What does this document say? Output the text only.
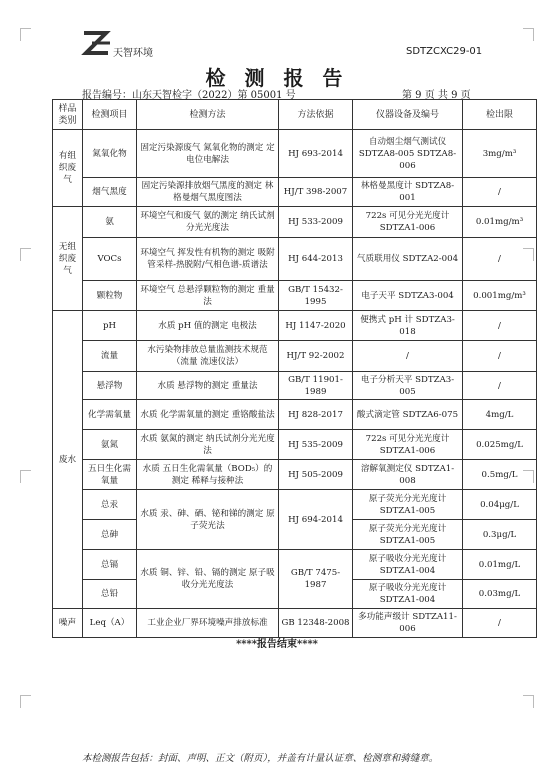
天智环境	SDTZCXC29-01
检 测 报 告
报告编号：山东天智检字（2022）第 05001 号	第 9 页 共 9 页
样品类别	检测项目	检测方法	方法依据	仪器设备及编号	检出限
有组织废气	氮氧化物	固定污染源废气 氮氧化物的测定 定电位电解法	HJ 693-2014	自动烟尘烟气测试仪 SDTZA8-005 SDTZA8-006	3mg/m³
	烟气黑度	固定污染源排放烟气黑度的测定 林格曼烟气黑度图法	HJ/T 398-2007	林格曼黑度计 SDTZA8-001	/
无组织废气	氨	环境空气和废气 氨的测定 纳氏试剂分光光度法	HJ 533-2009	722s 可见分光光度计 SDTZA1-006	0.01mg/m³
	VOCs	环境空气 挥发性有机物的测定 吸附管采样-热脱附/气相色谱-质谱法	HJ 644-2013	气质联用仪 SDTZA2-004	/
	颗粒物	环境空气 总悬浮颗粒物的测定 重量法	GB/T 15432-1995	电子天平 SDTZA3-004	0.001mg/m³
废水	pH	水质 pH 值的测定 电极法	HJ 1147-2020	便携式 pH 计 SDTZA3-018	/
	流量	水污染物排放总量监测技术规范（流量 流速仪法）	HJ/T 92-2002	/	/
	悬浮物	水质 悬浮物的测定 重量法	GB/T 11901-1989	电子分析天平 SDTZA3-005	/
	化学需氧量	水质 化学需氧量的测定 重铬酸盐法	HJ 828-2017	酸式滴定管 SDTZA6-075	4mg/L
	氨氮	水质 氨氮的测定 纳氏试剂分光光度法	HJ 535-2009	722s 可见分光光度计 SDTZA1-006	0.025mg/L
	五日生化需氧量	水质 五日生化需氧量（BOD₅）的测定 稀释与接种法	HJ 505-2009	溶解氧测定仪 SDTZA1-008	0.5mg/L
	总汞	水质 汞、砷、硒、铋和锑的测定 原子荧光法	HJ 694-2014	原子荧光分光光度计 SDTZA1-005	0.04μg/L
	总砷			原子荧光分光光度计 SDTZA1-005	0.3μg/L
	总镉	水质 铜、锌、铅、镉的测定 原子吸收分光光度法	GB/T 7475-1987	原子吸收分光光度计 SDTZA1-004	0.01mg/L
	总铅			原子吸收分光光度计 SDTZA1-004	0.03mg/L
噪声	Leq（A）	工业企业厂界环境噪声排放标准	GB 12348-2008	多功能声级计 SDTZA11-006	/
****报告结束****
本检测报告包括：封面、声明、正文（附页），并盖有计量认证章、检测章和骑缝章。
